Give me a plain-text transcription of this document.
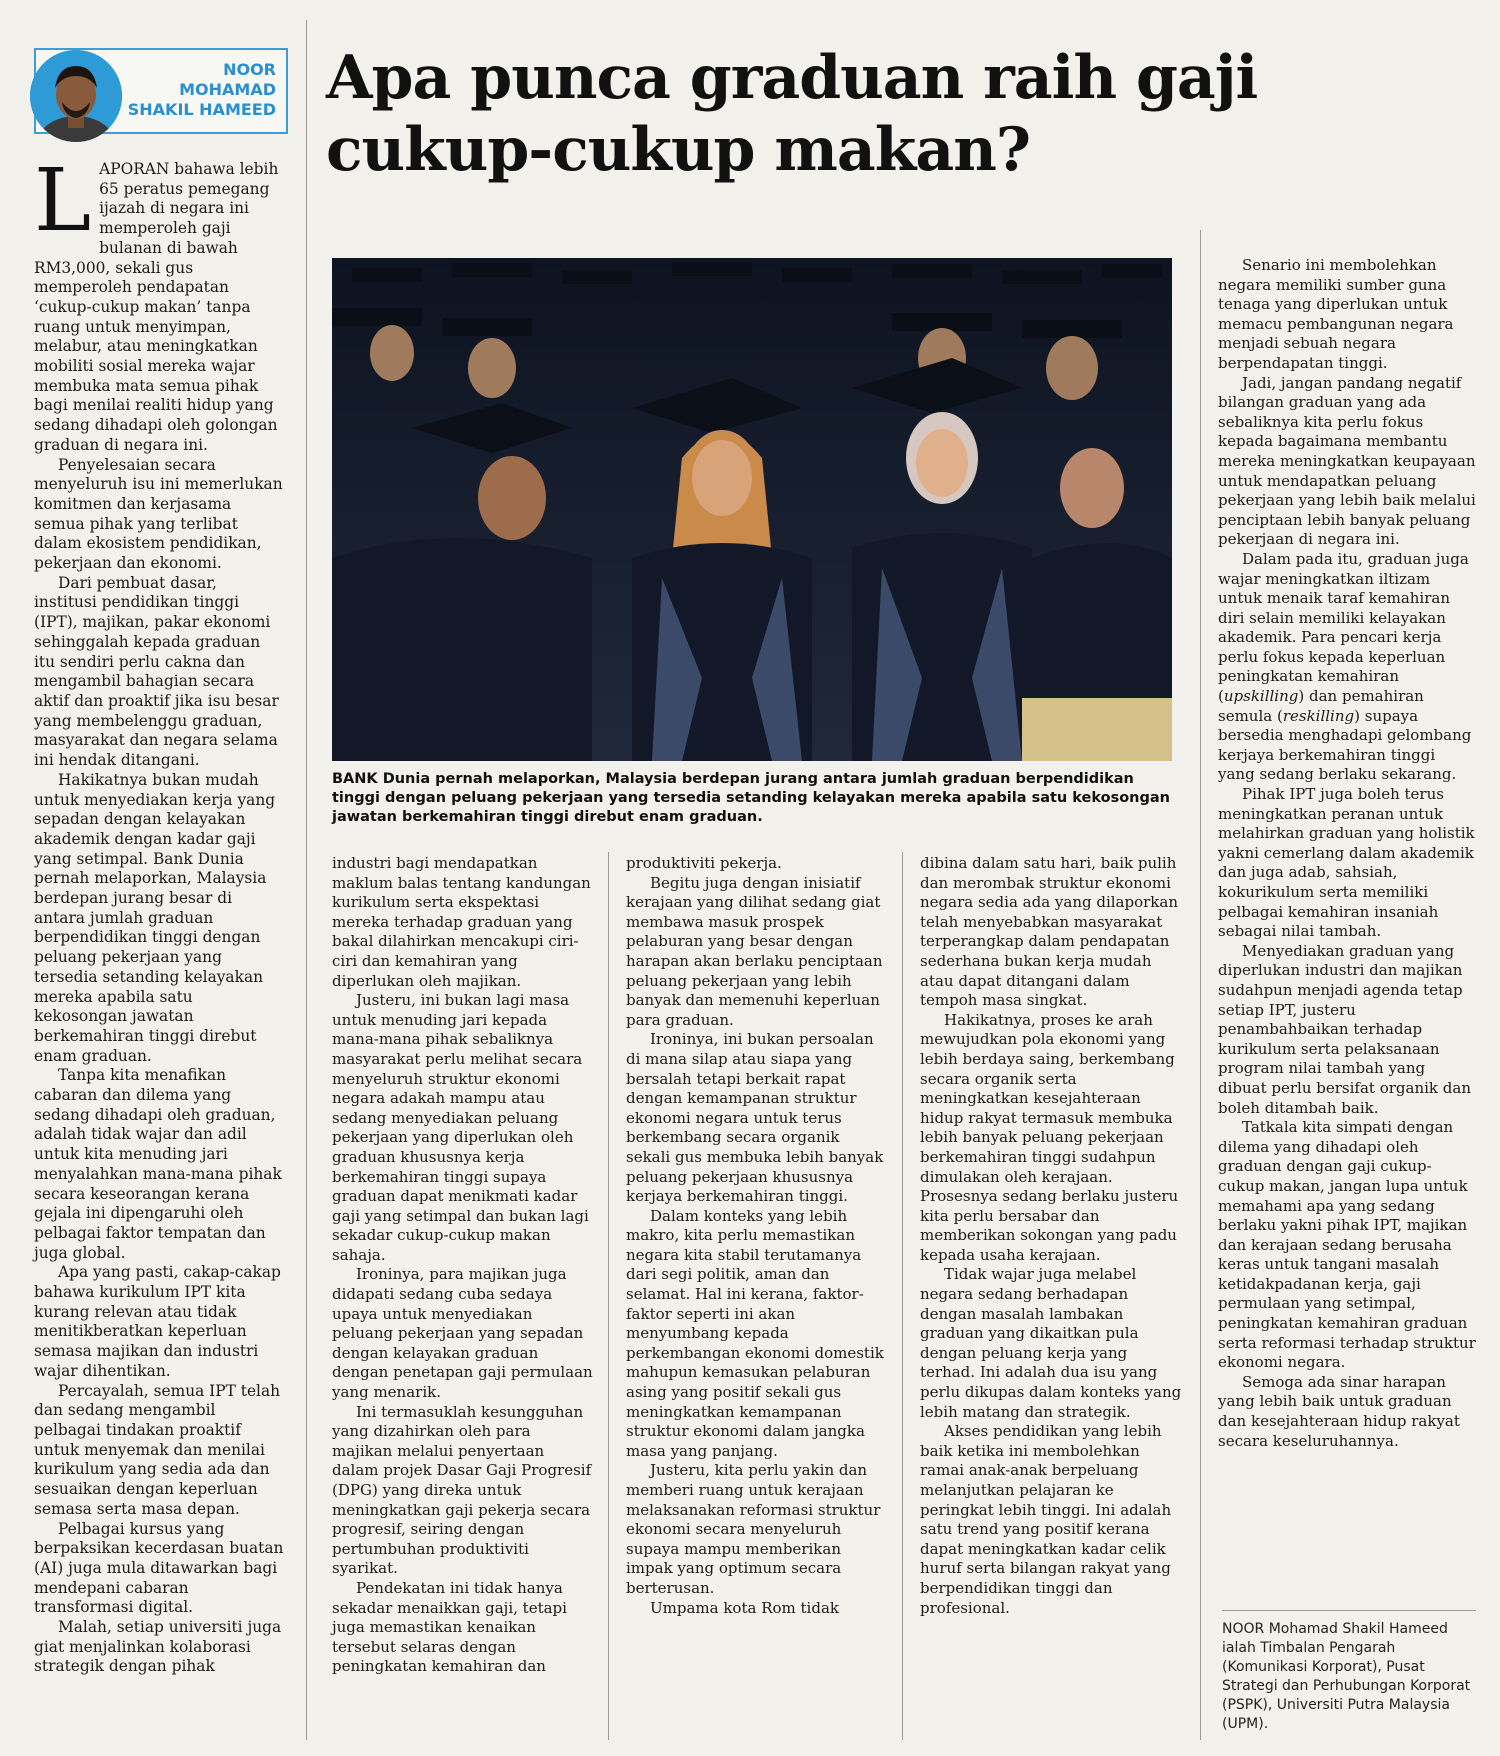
NOOR
MOHAMAD
SHAKIL HAMEED Apa punca graduan raih gaji
cukup-cukup makan?
BANK Dunia pernah melaporkan, Malaysia berdepan jurang antara jumlah graduan berpendidikan tinggi dengan peluang pekerjaan yang tersedia setanding kelayakan mereka apabila satu kekosongan jawatan berkemahiran tinggi direbut enam graduan.

LAPORAN bahawa lebih 65 peratus pemegang ijazah di negara ini memperoleh gaji bulanan di bawah RM3,000, sekali gus memperoleh pendapatan ‘cukup-cukup makan’ tanpa ruang untuk menyimpan, melabur, atau meningkatkan mobiliti sosial mereka wajar membuka mata semua pihak bagi menilai realiti hidup yang sedang dihadapi oleh golongan graduan di negara ini.

Penyelesaian secara menyeluruh isu ini memerlukan komitmen dan kerjasama semua pihak yang terlibat dalam ekosistem pendidikan, pekerjaan dan ekonomi.

Dari pembuat dasar, institusi pendidikan tinggi (IPT), majikan, pakar ekonomi sehinggalah kepada graduan itu sendiri perlu cakna dan mengambil bahagian secara aktif dan proaktif jika isu besar yang membelenggu graduan, masyarakat dan negara selama ini hendak ditangani.

Hakikatnya bukan mudah untuk menyediakan kerja yang sepadan dengan kelayakan akademik dengan kadar gaji yang setimpal. Bank Dunia pernah melaporkan, Malaysia berdepan jurang besar di antara jumlah graduan berpendidikan tinggi dengan peluang pekerjaan yang tersedia setanding kelayakan mereka apabila satu kekosongan jawatan berkemahiran tinggi direbut enam graduan.

Tanpa kita menafikan cabaran dan dilema yang sedang dihadapi oleh graduan, adalah tidak wajar dan adil untuk kita menuding jari menyalahkan mana-mana pihak secara keseorangan kerana gejala ini dipengaruhi oleh pelbagai faktor tempatan dan juga global.

Apa yang pasti, cakap-cakap bahawa kurikulum IPT kita kurang relevan atau tidak menitikberatkan keperluan semasa majikan dan industri wajar dihentikan.

Percayalah, semua IPT telah dan sedang mengambil pelbagai tindakan proaktif untuk menyemak dan menilai kurikulum yang sedia ada dan sesuaikan dengan keperluan semasa serta masa depan.

Pelbagai kursus yang berpaksikan kecerdasan buatan (AI) juga mula ditawarkan bagi mendepani cabaran transformasi digital.

Malah, setiap universiti juga giat menjalinkan kolaborasi strategik dengan pihak

industri bagi mendapatkan maklum balas tentang kandungan kurikulum serta ekspektasi mereka terhadap graduan yang bakal dilahirkan mencakupi ciri-ciri dan kemahiran yang diperlukan oleh majikan.

Justeru, ini bukan lagi masa untuk menuding jari kepada mana-mana pihak sebaliknya masyarakat perlu melihat secara menyeluruh struktur ekonomi negara adakah mampu atau sedang menyediakan peluang pekerjaan yang diperlukan oleh graduan khususnya kerja berkemahiran tinggi supaya graduan dapat menikmati kadar gaji yang setimpal dan bukan lagi sekadar cukup-cukup makan sahaja.

Ironinya, para majikan juga didapati sedang cuba sedaya upaya untuk menyediakan peluang pekerjaan yang sepadan dengan kelayakan graduan dengan penetapan gaji permulaan yang menarik.

Ini termasuklah kesungguhan yang dizahirkan oleh para majikan melalui penyertaan dalam projek Dasar Gaji Progresif (DPG) yang direka untuk meningkatkan gaji pekerja secara progresif, seiring dengan pertumbuhan produktiviti syarikat.

Pendekatan ini tidak hanya sekadar menaikkan gaji, tetapi juga memastikan kenaikan tersebut selaras dengan peningkatan kemahiran dan

produktiviti pekerja.

Begitu juga dengan inisiatif kerajaan yang dilihat sedang giat membawa masuk prospek pelaburan yang besar dengan harapan akan berlaku penciptaan peluang pekerjaan yang lebih banyak dan memenuhi keperluan para graduan.

Ironinya, ini bukan persoalan di mana silap atau siapa yang bersalah tetapi berkait rapat dengan kemampanan struktur ekonomi negara untuk terus berkembang secara organik sekali gus membuka lebih banyak peluang pekerjaan khususnya kerjaya berkemahiran tinggi.

Dalam konteks yang lebih makro, kita perlu memastikan negara kita stabil terutamanya dari segi politik, aman dan selamat. Hal ini kerana, faktor-faktor seperti ini akan menyumbang kepada perkembangan ekonomi domestik mahupun kemasukan pelaburan asing yang positif sekali gus meningkatkan kemampanan struktur ekonomi dalam jangka masa yang panjang.

Justeru, kita perlu yakin dan memberi ruang untuk kerajaan melaksanakan reformasi struktur ekonomi secara menyeluruh supaya mampu memberikan impak yang optimum secara berterusan.

Umpama kota Rom tidak

dibina dalam satu hari, baik pulih dan merombak struktur ekonomi negara sedia ada yang dilaporkan telah menyebabkan masyarakat terperangkap dalam pendapatan sederhana bukan kerja mudah atau dapat ditangani dalam tempoh masa singkat.

Hakikatnya, proses ke arah mewujudkan pola ekonomi yang lebih berdaya saing, berkembang secara organik serta meningkatkan kesejahteraan hidup rakyat termasuk membuka lebih banyak peluang pekerjaan berkemahiran tinggi sudahpun dimulakan oleh kerajaan. Prosesnya sedang berlaku justeru kita perlu bersabar dan memberikan sokongan yang padu kepada usaha kerajaan.

Tidak wajar juga melabel negara sedang berhadapan dengan masalah lambakan graduan yang dikaitkan pula dengan peluang kerja yang terhad. Ini adalah dua isu yang perlu dikupas dalam konteks yang lebih matang dan strategik.

Akses pendidikan yang lebih baik ketika ini membolehkan ramai anak-anak berpeluang melanjutkan pelajaran ke peringkat lebih tinggi. Ini adalah satu trend yang positif kerana dapat meningkatkan kadar celik huruf serta bilangan rakyat yang berpendidikan tinggi dan profesional.

Senario ini membolehkan negara memiliki sumber guna tenaga yang diperlukan untuk memacu pembangunan negara menjadi sebuah negara berpendapatan tinggi.

Jadi, jangan pandang negatif bilangan graduan yang ada sebaliknya kita perlu fokus kepada bagaimana membantu mereka meningkatkan keupayaan untuk mendapatkan peluang pekerjaan yang lebih baik melalui penciptaan lebih banyak peluang pekerjaan di negara ini.

Dalam pada itu, graduan juga wajar meningkatkan iltizam untuk menaik taraf kemahiran diri selain memiliki kelayakan akademik. Para pencari kerja perlu fokus kepada keperluan peningkatan kemahiran (upskilling) dan pemahiran semula (reskilling) supaya bersedia menghadapi gelombang kerjaya berkemahiran tinggi yang sedang berlaku sekarang.

Pihak IPT juga boleh terus meningkatkan peranan untuk melahirkan graduan yang holistik yakni cemerlang dalam akademik dan juga adab, sahsiah, kokurikulum serta memiliki pelbagai kemahiran insaniah sebagai nilai tambah.

Menyediakan graduan yang diperlukan industri dan majikan sudahpun menjadi agenda tetap setiap IPT, justeru penambahbaikan terhadap kurikulum serta pelaksanaan program nilai tambah yang dibuat perlu bersifat organik dan boleh ditambah baik.

Tatkala kita simpati dengan dilema yang dihadapi oleh graduan dengan gaji cukup-cukup makan, jangan lupa untuk memahami apa yang sedang berlaku yakni pihak IPT, majikan dan kerajaan sedang berusaha keras untuk tangani masalah ketidakpadanan kerja, gaji permulaan yang setimpal, peningkatan kemahiran graduan serta reformasi terhadap struktur ekonomi negara.

Semoga ada sinar harapan yang lebih baik untuk graduan dan kesejahteraan hidup rakyat secara keseluruhannya.

NOOR Mohamad Shakil Hameed ialah Timbalan Pengarah (Komunikasi Korporat), Pusat Strategi dan Perhubungan Korporat (PSPK), Universiti Putra Malaysia (UPM).
